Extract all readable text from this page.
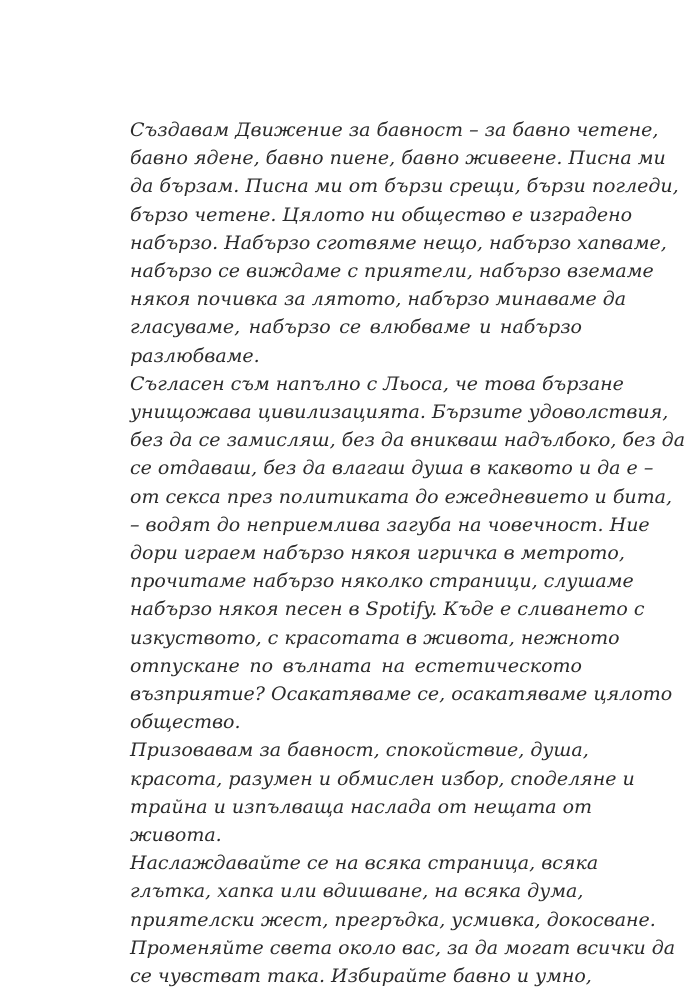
Създавам Движение за бавност – за бавно четене,
бавно ядене, бавно пиене, бавно живеене. Писна ми
да бързам. Писна ми от бързи срещи, бързи погледи,
бързо четене. Цялото ни общество е изградено
набързо. Набързо сготвяме нещо, набързо хапваме,
набързо се виждаме с приятели, набързо вземаме
някоя почивка за лятото, набързо минаваме да
гласуваме, набързо се влюбваме и набързо
разлюбваме.
Съгласен съм напълно с Льоса, че това бързане
унищожава цивилизацията. Бързите удоволствия,
без да се замисляш, без да вникваш надълбоко, без да
се отдаваш, без да влагаш душа в каквото и да е –
от секса през политиката до ежедневието и бита,
– водят до неприемлива загуба на човечност. Ние
дори играем набързо някоя игричка в метрото,
прочитаме набързо няколко страници, слушаме
набързо някоя песен в Spotify. Къде е сливането с
изкуството, с красотата в живота, нежното
отпускане по вълната на естетическото
възприятие? Осакатяваме се, осакатяваме цялото
общество.
Призовавам за бавност, спокойствие, душа,
красота, разумен и обмислен избор, споделяне и
трайна и изпълваща наслада от нещата от
живота.
Наслаждавайте се на всяка страница, всяка
глътка, хапка или вдишване, на всяка дума,
приятелски жест, прегръдка, усмивка, докосване.
Променяйте света около вас, за да могат всички да
се чувстват така. Избирайте бавно и умно,
